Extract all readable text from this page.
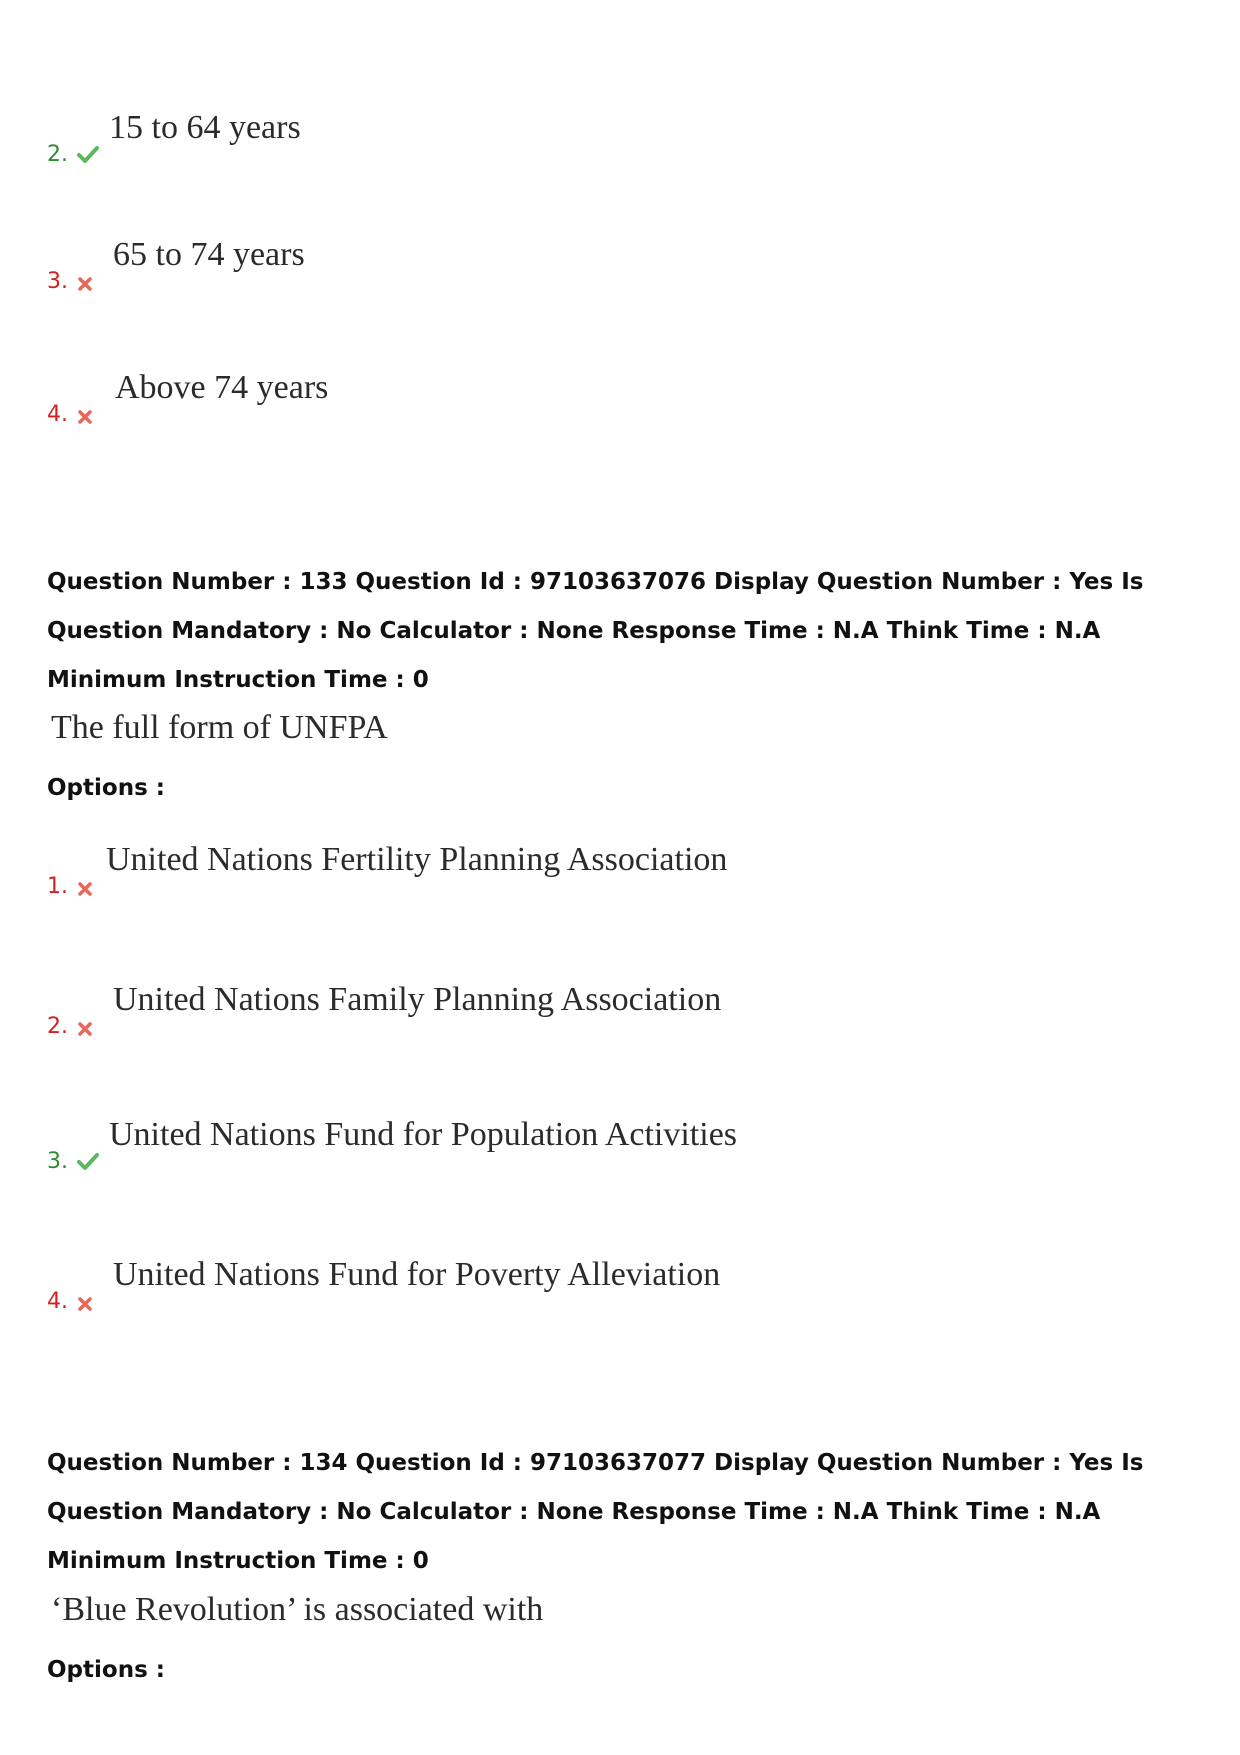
2.
15 to 64 years
3.
65 to 74 years
4.
Above 74 years
Question Number : 133 Question Id : 97103637076 Display Question Number : Yes Is Question Mandatory : No Calculator : None Response Time : N.A Think Time : N.A Minimum Instruction Time : 0
The full form of UNFPA
Options :
1.
United Nations Fertility Planning Association
2.
United Nations Family Planning Association
3.
United Nations Fund for Population Activities
4.
United Nations Fund for Poverty Alleviation
Question Number : 134 Question Id : 97103637077 Display Question Number : Yes Is Question Mandatory : No Calculator : None Response Time : N.A Think Time : N.A Minimum Instruction Time : 0
‘Blue Revolution’ is associated with
Options :
